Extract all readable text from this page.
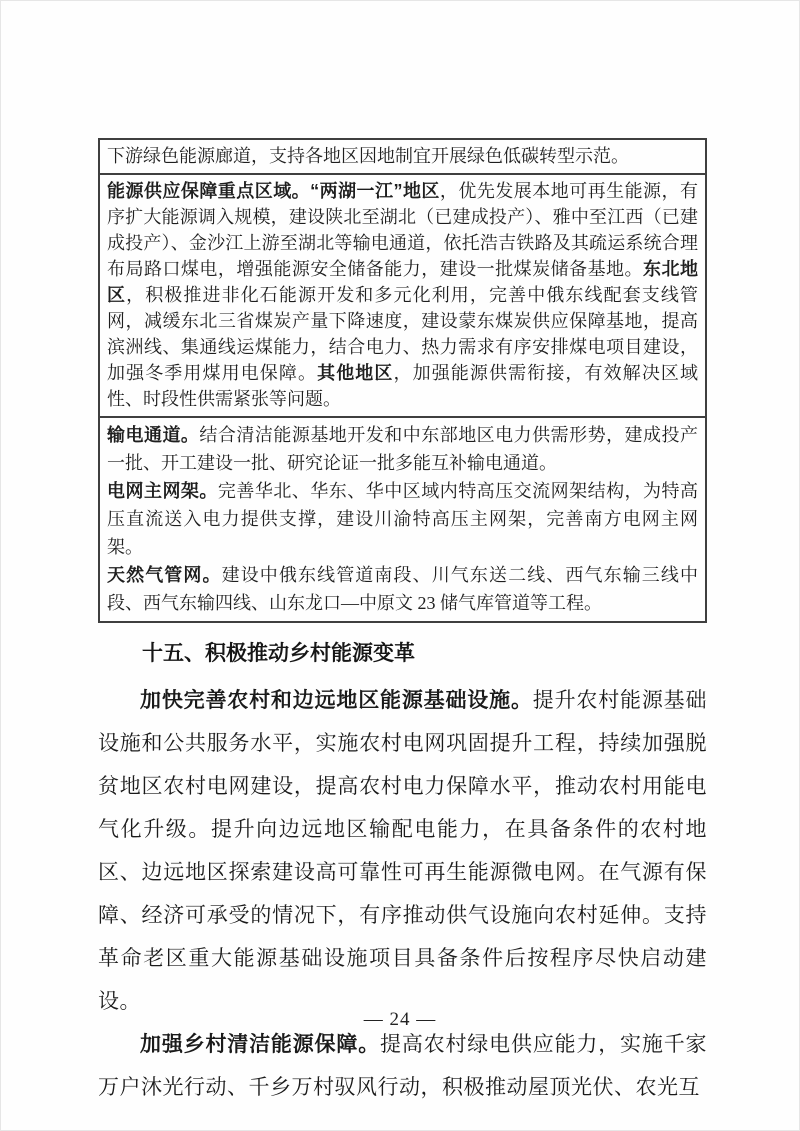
下游绿色能源廊道，支持各地区因地制宜开展绿色低碳转型示范。
能源供应保障重点区域。“两湖一江”地区，优先发展本地可再生能源，有序扩大能源调入规模，建设陕北至湖北（已建成投产）、雅中至江西（已建成投产）、金沙江上游至湖北等输电通道，依托浩吉铁路及其疏运系统合理布局路口煤电，增强能源安全储备能力，建设一批煤炭储备基地。东北地区，积极推进非化石能源开发和多元化利用，完善中俄东线配套支线管网，减缓东北三省煤炭产量下降速度，建设蒙东煤炭供应保障基地，提高滨洲线、集通线运煤能力，结合电力、热力需求有序安排煤电项目建设，加强冬季用煤用电保障。其他地区，加强能源供需衔接，有效解决区域性、时段性供需紧张等问题。

输电通道。结合清洁能源基地开发和中东部地区电力供需形势，建成投产一批、开工建设一批、研究论证一批多能互补输电通道。

电网主网架。完善华北、华东、华中区域内特高压交流网架结构，为特高压直流送入电力提供支撑，建设川渝特高压主网架，完善南方电网主网架。

天然气管网。建设中俄东线管道南段、川气东送二线、西气东输三线中段、西气东输四线、山东龙口—中原文 23 储气库管道等工程。

十五、积极推动乡村能源变革

加快完善农村和边远地区能源基础设施。提升农村能源基础设施和公共服务水平，实施农村电网巩固提升工程，持续加强脱贫地区农村电网建设，提高农村电力保障水平，推动农村用能电气化升级。提升向边远地区输配电能力，在具备条件的农村地区、边远地区探索建设高可靠性可再生能源微电网。在气源有保障、经济可承受的情况下，有序推动供气设施向农村延伸。支持革命老区重大能源基础设施项目具备条件后按程序尽快启动建设。

加强乡村清洁能源保障。提高农村绿电供应能力，实施千家万户沐光行动、千乡万村驭风行动，积极推动屋顶光伏、农光互

— 24 —
